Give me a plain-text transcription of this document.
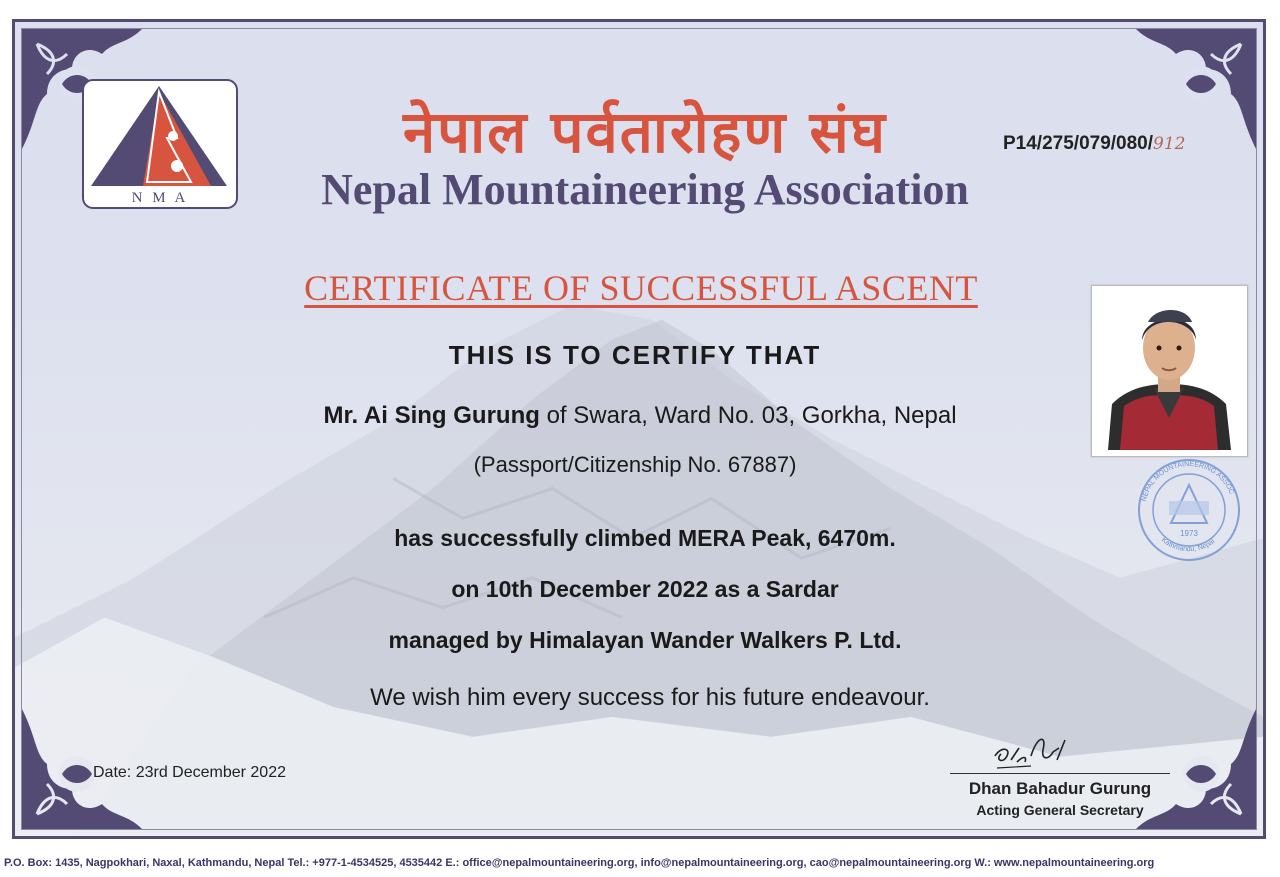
N M A
नेपाल पर्वतारोहण संघ
Nepal Mountaineering Association
P14/275/079/080/912
CERTIFICATE OF SUCCESSFUL ASCENT
THIS IS TO CERTIFY THAT
Mr. Ai Sing Gurung of Swara, Ward No. 03, Gorkha, Nepal
(Passport/Citizenship No. 67887)
has successfully climbed MERA Peak, 6470m.
on 10th December 2022 as a Sardar
managed by Himalayan Wander Walkers P. Ltd.
We wish him every success for his future endeavour.
1973
NEPAL MOUNTAINEERING ASSOC
Kathmandu, Nepal
Date: 23rd December 2022
Dhan Bahadur Gurung
Acting General Secretary
P.O. Box: 1435, Nagpokhari, Naxal, Kathmandu, Nepal Tel.: +977-1-4534525, 4535442 E.: office@nepalmountaineering.org, info@nepalmountaineering.org, cao@nepalmountaineering.org W.: www.nepalmountaineering.org
